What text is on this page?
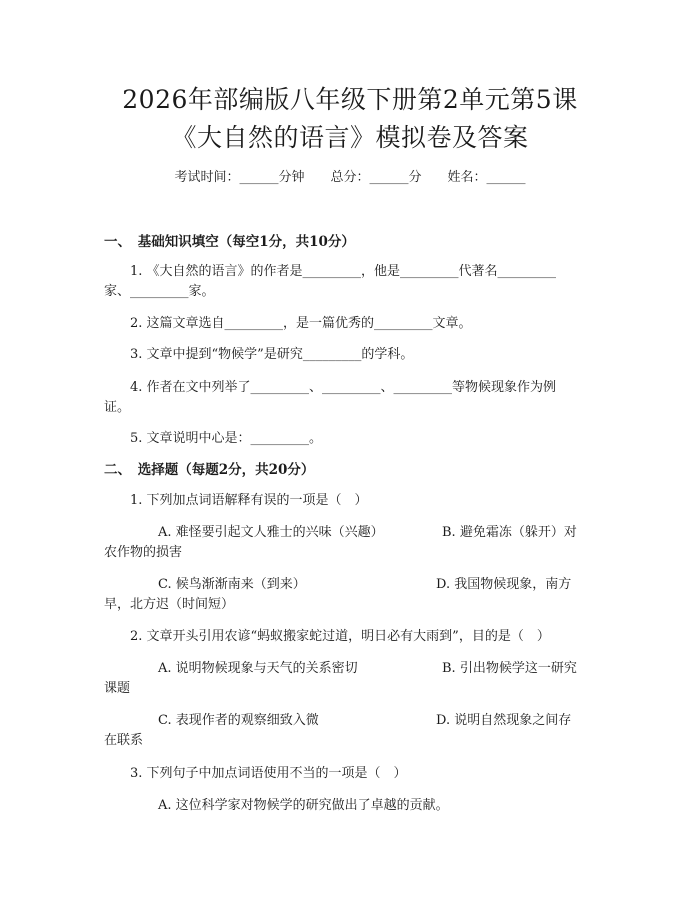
2026年部编版八年级下册第2单元第5课
《大自然的语言》模拟卷及答案
考试时间：______分钟　　总分：______分　　姓名：______
一、　基础知识填空（每空1分，共10分）
1. 《大自然的语言》的作者是_________，他是_________代著名_________
家、_________家。
2. 这篇文章选自_________，是一篇优秀的_________文章。
3. 文章中提到“物候学”是研究_________的学科。
4. 作者在文中列举了_________、_________、_________等物候现象作为例
证。
5. 文章说明中心是：_________。
二、　选择题（每题2分，共20分）
1. 下列加点词语解释有误的一项是（　）
A. 难怪要引起文人雅士的兴味（兴趣）	B. 避免霜冻（躲开）对
农作物的损害
C. 候鸟渐渐南来（到来）	D. 我国物候现象，南方
早，北方迟（时间短）
2. 文章开头引用农谚“蚂蚁搬家蛇过道，明日必有大雨到”，目的是（　）
A. 说明物候现象与天气的关系密切	B. 引出物候学这一研究
课题
C. 表现作者的观察细致入微	D. 说明自然现象之间存
在联系
3. 下列句子中加点词语使用不当的一项是（　）
A. 这位科学家对物候学的研究做出了卓越的贡献。
